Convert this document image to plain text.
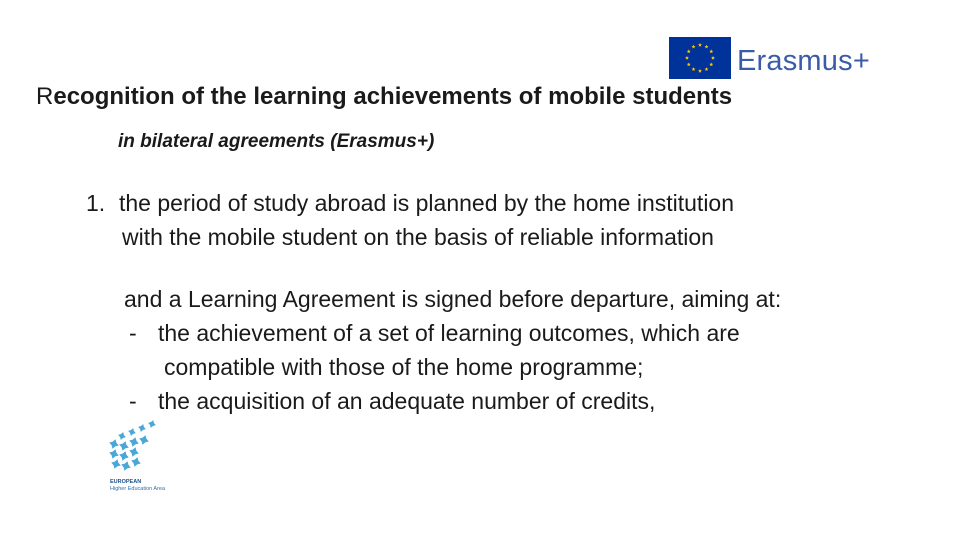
Erasmus+
Recognition of the learning achievements of mobile students
in bilateral agreements (Erasmus+)
1. the period of study abroad is planned by the home institution
with the mobile student on the basis of reliable information
and a Learning Agreement is signed before departure, aiming at:
- the achievement of a set of learning outcomes, which are
compatible with those of the home programme;
- the acquisition of an adequate number of credits,
EUROPEAN
Higher Education Area
